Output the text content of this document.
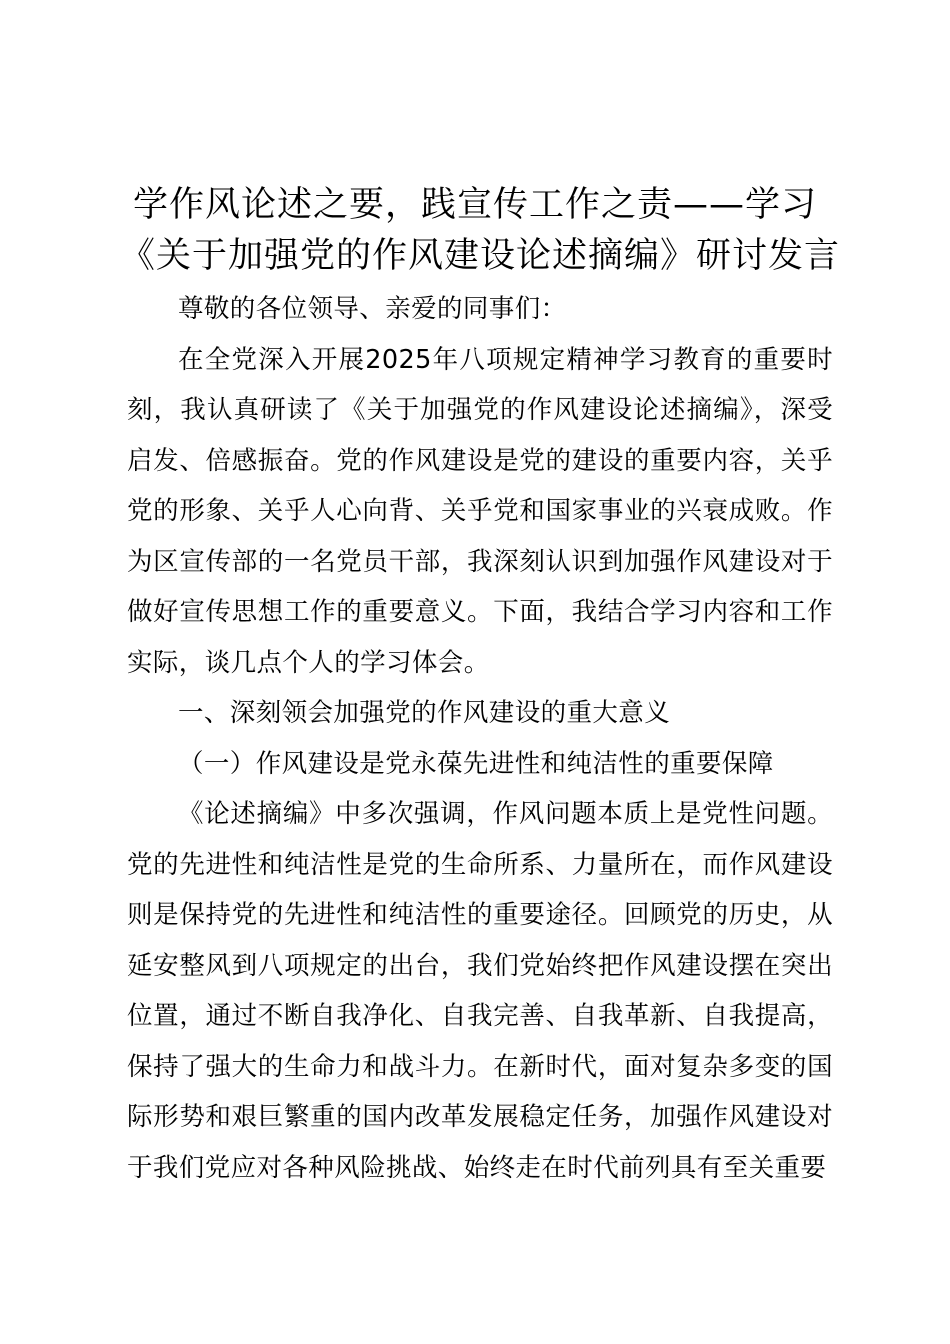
学作风论述之要，践宣传工作之责——学习
《关于加强党的作风建设论述摘编》研讨发言

尊敬的各位领导、亲爱的同事们：

在全党深入开展2025年八项规定精神学习教育的重要时刻，我认真研读了《关于加强党的作风建设论述摘编》，深受启发、倍感振奋。党的作风建设是党的建设的重要内容，关乎党的形象、关乎人心向背、关乎党和国家事业的兴衰成败。作为区宣传部的一名党员干部，我深刻认识到加强作风建设对于做好宣传思想工作的重要意义。下面，我结合学习内容和工作实际，谈几点个人的学习体会。

一、深刻领会加强党的作风建设的重大意义

（一）作风建设是党永葆先进性和纯洁性的重要保障

《论述摘编》中多次强调，作风问题本质上是党性问题。党的先进性和纯洁性是党的生命所系、力量所在，而作风建设则是保持党的先进性和纯洁性的重要途径。回顾党的历史，从延安整风到八项规定的出台，我们党始终把作风建设摆在突出位置，通过不断自我净化、自我完善、自我革新、自我提高，保持了强大的生命力和战斗力。在新时代，面对复杂多变的国际形势和艰巨繁重的国内改革发展稳定任务，加强作风建设对于我们党应对各种风险挑战、始终走在时代前列具有至关重要
